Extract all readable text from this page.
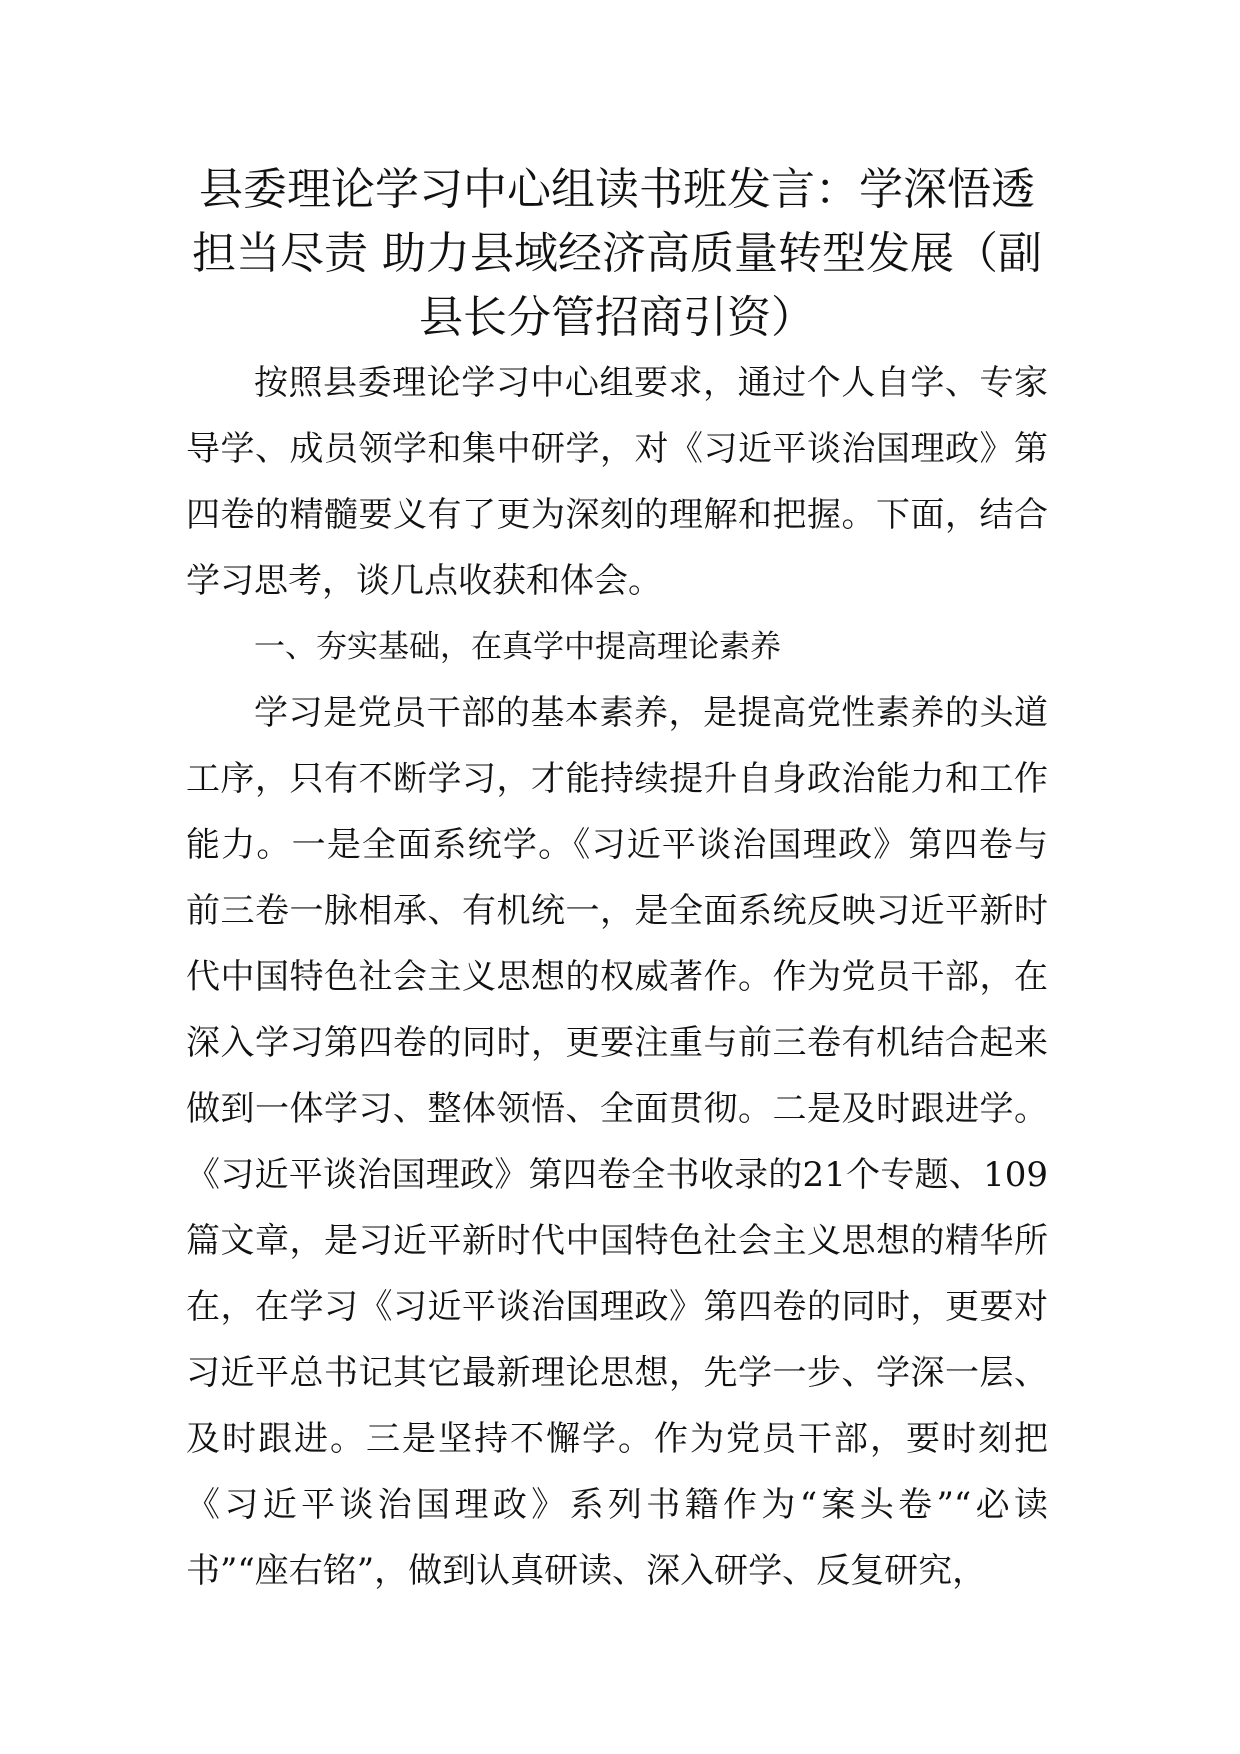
县委理论学习中心组读书班发言：学深悟透 担当尽责 助力县域经济高质量转型发展（副县长分管招商引资）

按照县委理论学习中心组要求，通过个人自学、专家导学、成员领学和集中研学，对《习近平谈治国理政》第四卷的精髓要义有了更为深刻的理解和把握。下面，结合学习思考，谈几点收获和体会。

一、夯实基础，在真学中提高理论素养

学习是党员干部的基本素养，是提高党性素养的头道工序，只有不断学习，才能持续提升自身政治能力和工作能力。一是全面系统学。《习近平谈治国理政》第四卷与前三卷一脉相承、有机统一，是全面系统反映习近平新时代中国特色社会主义思想的权威著作。作为党员干部，在深入学习第四卷的同时，更要注重与前三卷有机结合起来做到一体学习、整体领悟、全面贯彻。二是及时跟进学。《习近平谈治国理政》第四卷全书收录的21个专题、109篇文章，是习近平新时代中国特色社会主义思想的精华所在，在学习《习近平谈治国理政》第四卷的同时，更要对习近平总书记其它最新理论思想，先学一步、学深一层、及时跟进。三是坚持不懈学。作为党员干部，要时刻把《习近平谈治国理政》系列书籍作为“案头卷”“必读书”“座右铭”，做到认真研读、深入研学、反复研究，
